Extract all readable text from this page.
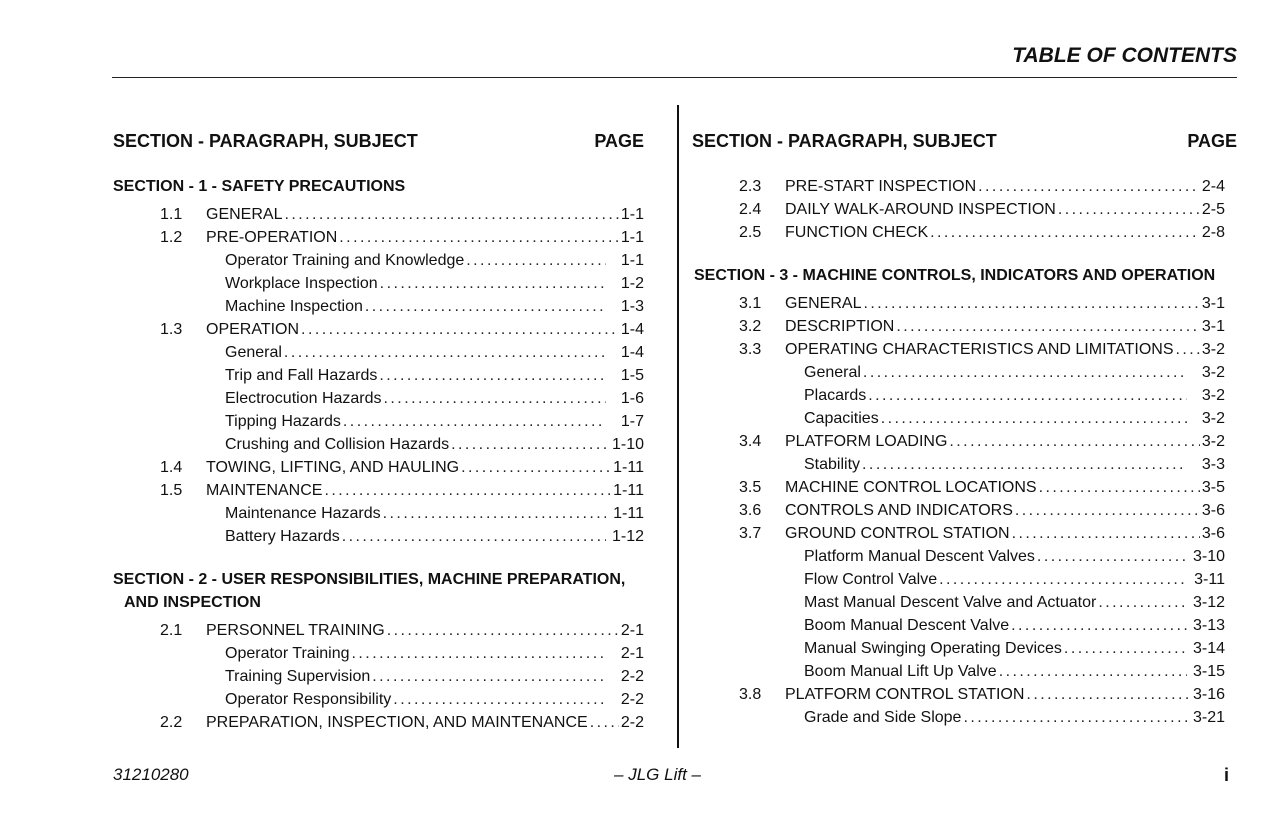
TABLE OF CONTENTS
SECTION - PARAGRAPH, SUBJECT	PAGE
SECTION - 1 - SAFETY PRECAUTIONS
1.1	GENERAL . . .	1-1
1.2	PRE-OPERATION . . .	1-1
Operator Training and Knowledge . . .	1-1
Workplace Inspection . . .	1-2
Machine Inspection . . .	1-3
1.3	OPERATION . . .	1-4
General . . .	1-4
Trip and Fall Hazards . . .	1-5
Electrocution Hazards . . .	1-6
Tipping Hazards . . .	1-7
Crushing and Collision Hazards . . .	1-10
1.4	TOWING, LIFTING, AND HAULING . . .	1-11
1.5	MAINTENANCE . . .	1-11
Maintenance Hazards . . .	1-11
Battery Hazards . . .	1-12
SECTION - 2 - USER RESPONSIBILITIES, MACHINE PREPARATION,
AND INSPECTION
2.1	PERSONNEL TRAINING . . .	2-1
Operator Training . . .	2-1
Training Supervision . . .	2-2
Operator Responsibility . . .	2-2
2.2	PREPARATION, INSPECTION, AND MAINTENANCE . . . 2-2
SECTION - PARAGRAPH, SUBJECT	PAGE
2.3	PRE-START INSPECTION . . .	2-4
2.4	DAILY WALK-AROUND INSPECTION . . .	2-5
2.5	FUNCTION CHECK . . .	2-8
SECTION - 3 - MACHINE CONTROLS, INDICATORS AND OPERATION
3.1	GENERAL . . .	3-1
3.2	DESCRIPTION . . .	3-1
3.3	OPERATING CHARACTERISTICS AND LIMITATIONS . . . 3-2
General . . .	3-2
Placards . . .	3-2
Capacities . . .	3-2
3.4	PLATFORM LOADING . . .	3-2
Stability . . .	3-3
3.5	MACHINE CONTROL LOCATIONS . . .	3-5
3.6	CONTROLS AND INDICATORS . . .	3-6
3.7	GROUND CONTROL STATION . . .	3-6
Platform Manual Descent Valves . . .	3-10
Flow Control Valve . . .	3-11
Mast Manual Descent Valve and Actuator . . .	3-12
Boom Manual Descent Valve . . .	3-13
Manual Swinging Operating Devices . . .	3-14
Boom Manual Lift Up Valve . . .	3-15
3.8	PLATFORM CONTROL STATION . . .	3-16
Grade and Side Slope . . .	3-21
31210280	– JLG Lift –	i
